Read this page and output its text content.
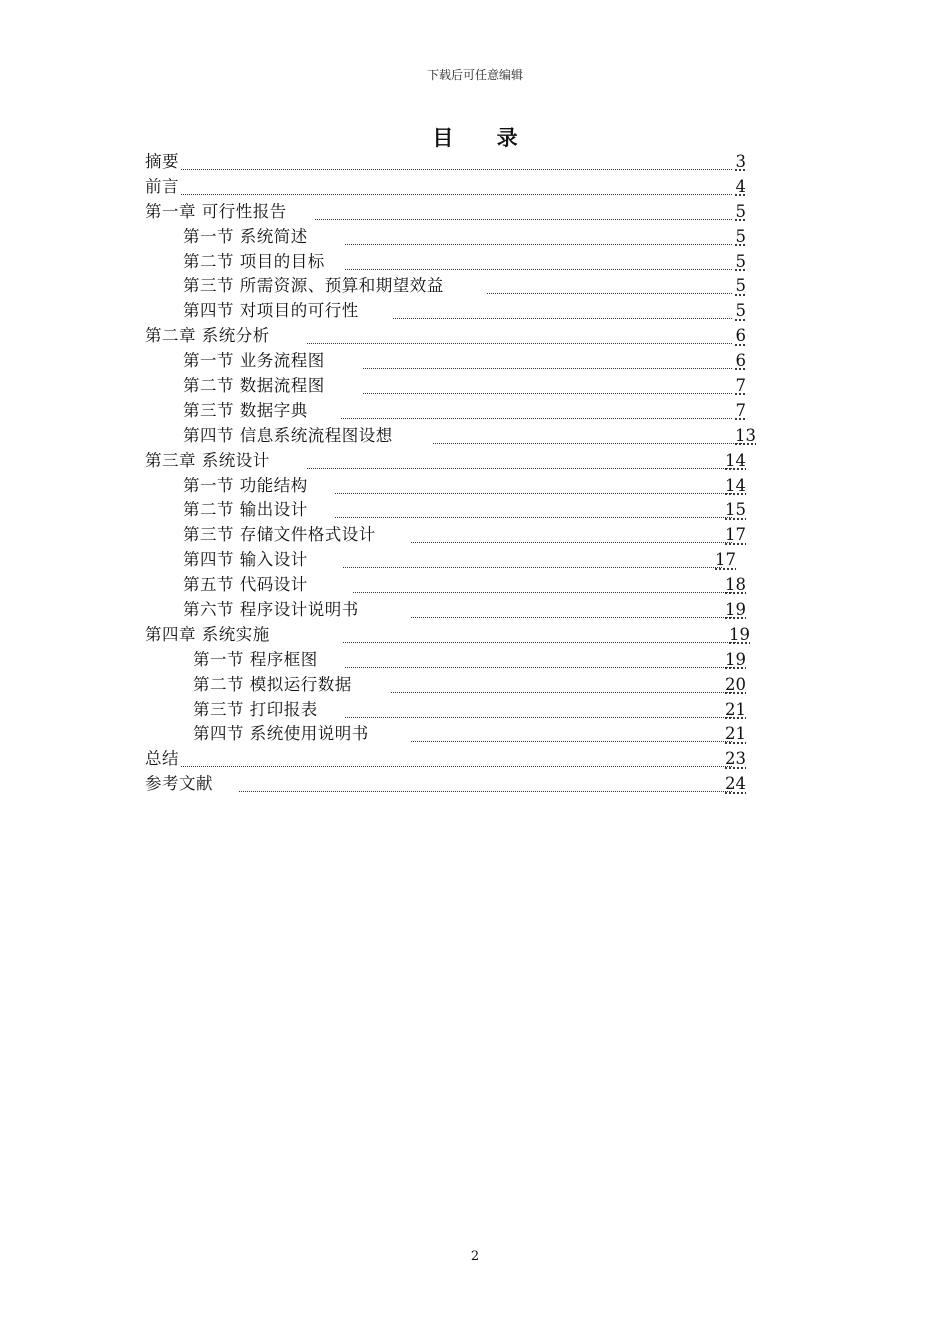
下载后可任意编辑
目 录
摘要	3
前言	4
第一章 可行性报告	5
第一节 系统简述	5
第二节 项目的目标	5
第三节 所需资源、预算和期望效益	5
第四节 对项目的可行性	5
第二章 系统分析	6
第一节 业务流程图	6
第二节 数据流程图	7
第三节 数据字典	7
第四节 信息系统流程图设想	13
第三章 系统设计	14
第一节 功能结构	14
第二节 输出设计	15
第三节 存储文件格式设计	17
第四节 输入设计	17
第五节 代码设计	18
第六节 程序设计说明书	19
第四章 系统实施	19
第一节 程序框图	19
第二节 模拟运行数据	20
第三节 打印报表	21
第四节 系统使用说明书	21
总结	23
参考文献	24
2
